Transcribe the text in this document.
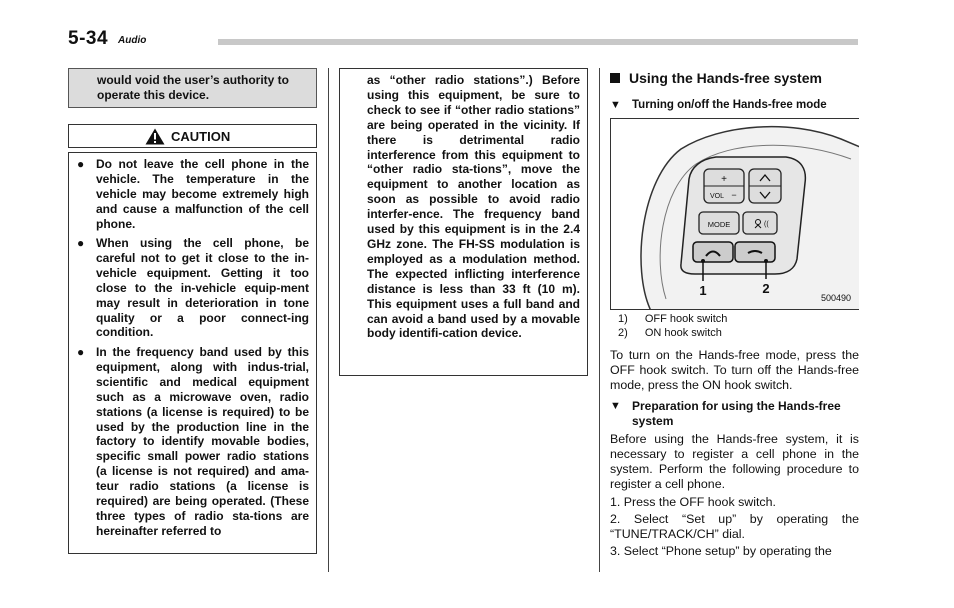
5-34 Audio
would void the user’s authority to operate this device.
CAUTION
● Do not leave the cell phone in the vehicle. The temperature in the vehicle may become extremely high and cause a malfunction of the cell phone.
● When using the cell phone, be careful not to get it close to the in-vehicle equipment. Getting it too close to the in-vehicle equip-ment may result in deterioration in tone quality or a poor connect-ing condition.
● In the frequency band used by this equipment, along with indus-trial, scientific and medical equipment such as a microwave oven, radio stations (a license is required) to be used by the production line in the factory to identify movable bodies, specific small power radio stations (a license is not required) and ama-teur radio stations (a license is required) are being operated. (These three types of radio sta-tions are hereinafter referred to
as “other radio stations”.) Before using this equipment, be sure to check to see if “other radio stations” are being operated in the vicinity. If there is detrimental radio interference from this equipment to “other radio sta-tions”, move the equipment to another location as soon as possible to avoid radio interfer-ence. The frequency band used by this equipment is in the 2.4 GHz zone. The FH-SS modulation is employed as a modulation method. The expected inflicting interference distance is less than 33 ft (10 m). This equipment uses a full band and can avoid a band used by a movable body identifi-cation device.
Using the Hands-free system
▼ Turning on/off the Hands-free mode
+
VOL −
MODE	((
1	2
500490
1) OFF hook switch
2) ON hook switch
To turn on the Hands-free mode, press the OFF hook switch. To turn off the Hands-free mode, press the ON hook switch.
▼ Preparation for using the Hands-free system
Before using the Hands-free system, it is necessary to register a cell phone in the system. Perform the following procedure to register a cell phone.
1. Press the OFF hook switch.
2. Select “Set up” by operating the “TUNE/TRACK/CH” dial.
3. Select “Phone setup” by operating the
